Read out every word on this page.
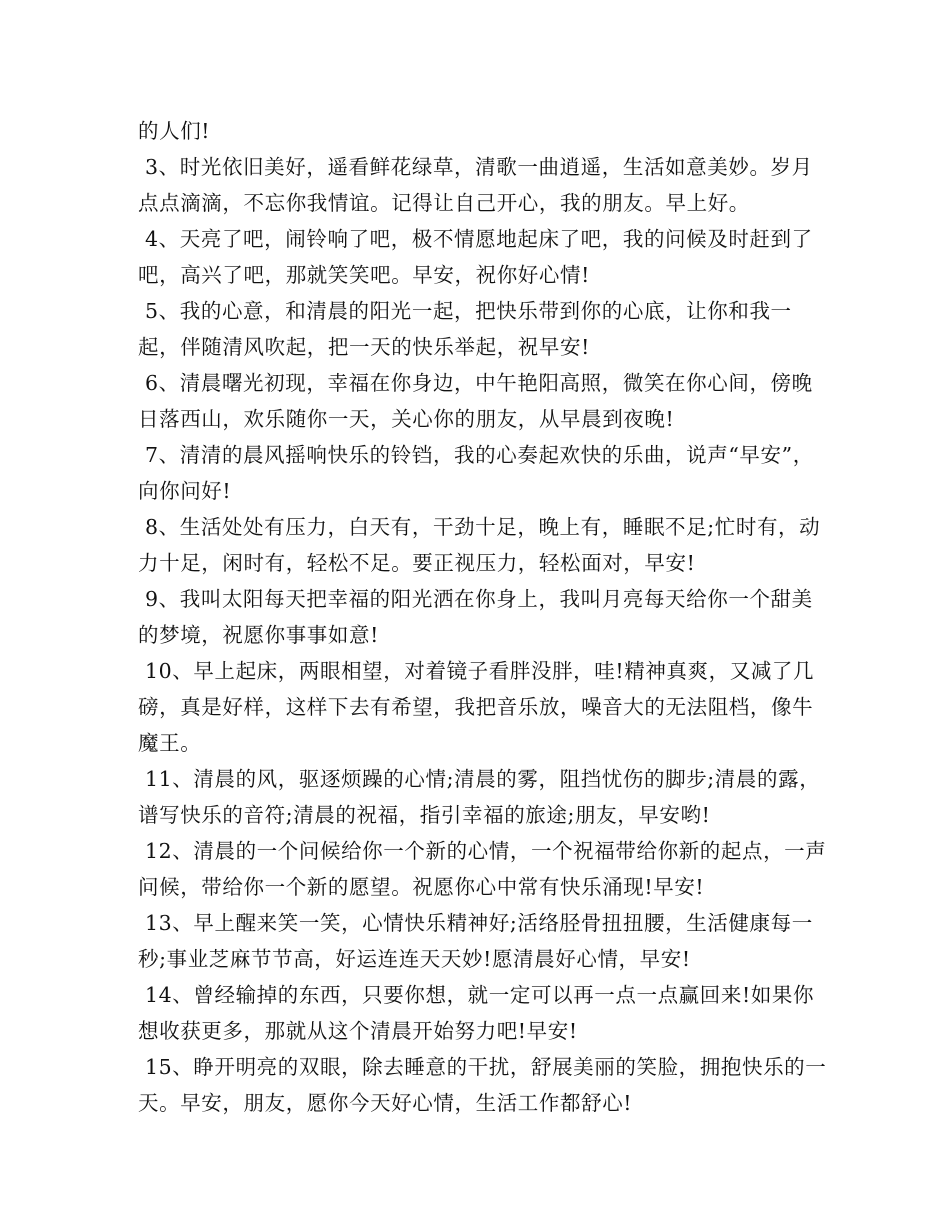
的人们!

3、时光依旧美好，遥看鲜花绿草，清歌一曲逍遥，生活如意美妙。岁月点点滴滴，不忘你我情谊。记得让自己开心，我的朋友。早上好。

4、天亮了吧，闹铃响了吧，极不情愿地起床了吧，我的问候及时赶到了吧，高兴了吧，那就笑笑吧。早安，祝你好心情!

5、我的心意，和清晨的阳光一起，把快乐带到你的心底，让你和我一起，伴随清风吹起，把一天的快乐举起，祝早安!

6、清晨曙光初现，幸福在你身边，中午艳阳高照，微笑在你心间，傍晚日落西山，欢乐随你一天，关心你的朋友，从早晨到夜晚!

7、清清的晨风摇响快乐的铃铛，我的心奏起欢快的乐曲，说声“早安”，向你问好!

8、生活处处有压力，白天有，干劲十足，晚上有，睡眠不足;忙时有，动力十足，闲时有，轻松不足。要正视压力，轻松面对，早安!

9、我叫太阳每天把幸福的阳光洒在你身上，我叫月亮每天给你一个甜美的梦境，祝愿你事事如意!

10、早上起床，两眼相望，对着镜子看胖没胖，哇!精神真爽，又减了几磅，真是好样，这样下去有希望，我把音乐放，噪音大的无法阻档，像牛魔王。

11、清晨的风，驱逐烦躁的心情;清晨的雾，阻挡忧伤的脚步;清晨的露，谱写快乐的音符;清晨的祝福，指引幸福的旅途;朋友，早安哟!

12、清晨的一个问候给你一个新的心情，一个祝福带给你新的起点，一声问候，带给你一个新的愿望。祝愿你心中常有快乐涌现!早安!

13、早上醒来笑一笑，心情快乐精神好;活络胫骨扭扭腰，生活健康每一秒;事业芝麻节节高，好运连连天天妙!愿清晨好心情，早安!

14、曾经输掉的东西，只要你想，就一定可以再一点一点赢回来!如果你想收获更多，那就从这个清晨开始努力吧!早安!

15、睁开明亮的双眼，除去睡意的干扰，舒展美丽的笑脸，拥抱快乐的一天。早安，朋友，愿你今天好心情，生活工作都舒心!
